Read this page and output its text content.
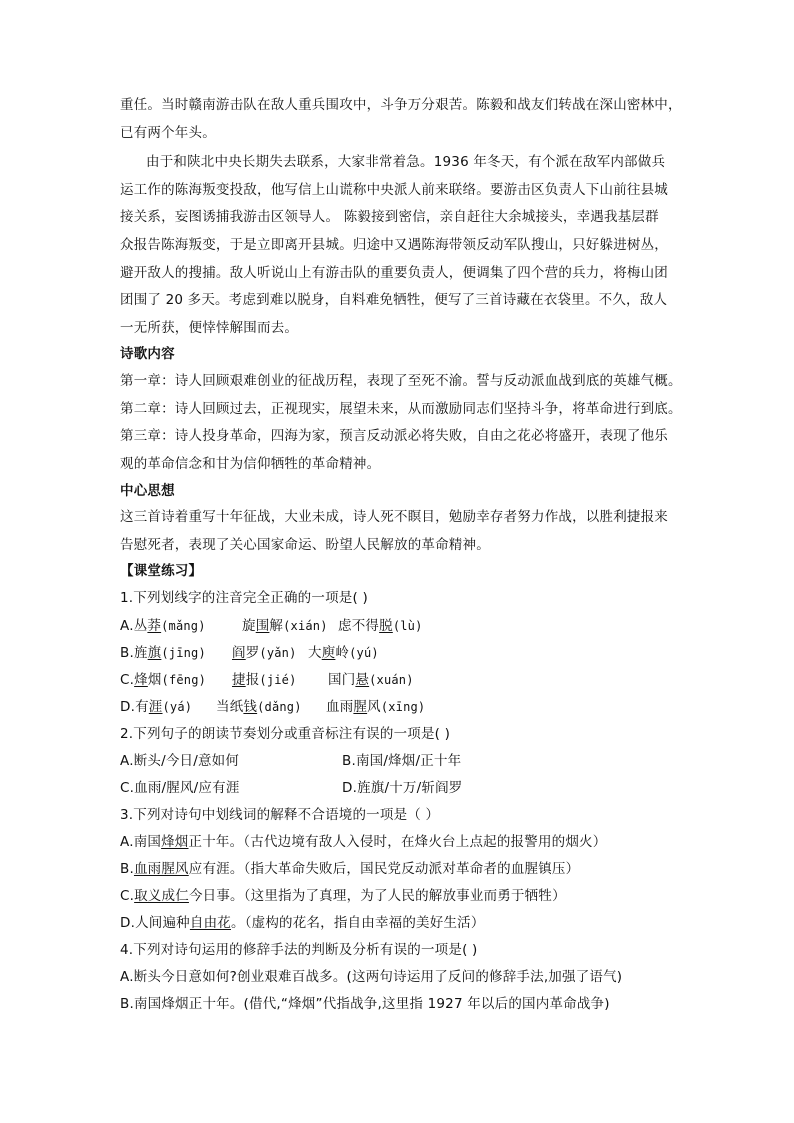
重任。当时赣南游击队在敌人重兵围攻中，斗争万分艰苦。陈毅和战友们转战在深山密林中，
已有两个年头。
由于和陕北中央长期失去联系，大家非常着急。1936 年冬天，有个派在敌军内部做兵
运工作的陈海叛变投敌，他写信上山谎称中央派人前来联络。要游击区负责人下山前往县城
接关系，妄图诱捕我游击区领导人。 陈毅接到密信，亲自赶往大余城接头，幸遇我基层群
众报告陈海叛变，于是立即离开县城。归途中又遇陈海带领反动军队搜山，只好躲进树丛，
避开敌人的搜捕。敌人听说山上有游击队的重要负责人，便调集了四个营的兵力，将梅山团
团围了 20 多天。考虑到难以脱身，自料难免牺牲，便写了三首诗藏在衣袋里。不久，敌人
一无所获，便悻悻解围而去。
诗歌内容
第一章：诗人回顾艰难创业的征战历程，表现了至死不渝。誓与反动派血战到底的英雄气概。
第二章：诗人回顾过去，正视现实，展望未来，从而激励同志们坚持斗争，将革命进行到底。
第三章：诗人投身革命，四海为家，预言反动派必将失败，自由之花必将盛开，表现了他乐
观的革命信念和甘为信仰牺牲的革命精神。
中心思想
这三首诗着重写十年征战，大业未成，诗人死不瞑目，勉励幸存者努力作战，以胜利捷报来
告慰死者，表现了关心国家命运、盼望人民解放的革命精神。
【课堂练习】
1.下列划线字的注音完全正确的一项是( )
A.丛莽(mǎng)	旋围解(xián) 虑不得脱(lù)
B.旌旗(jīng) 阎罗(yǎn) 大庾岭(yú)
C.烽烟(fēng) 捷报(jié) 国门悬(xuán)
D.有涯(yá) 当纸钱(dǎng) 血雨腥风(xīng)
2.下列句子的朗读节奏划分或重音标注有误的一项是( )
A.断头/今日/意如何	B.南国/烽烟/正十年
C.血雨/腥风/应有涯	D.旌旗/十万/斩阎罗
3.下列对诗句中划线词的解释不合语境的一项是（ ）
A.南国烽烟正十年。（古代边境有敌人入侵时，在烽火台上点起的报警用的烟火）
B.血雨腥风应有涯。（指大革命失败后，国民党反动派对革命者的血腥镇压）
C.取义成仁今日事。（这里指为了真理，为了人民的解放事业而勇于牺牲）
D.人间遍种自由花。（虚构的花名，指自由幸福的美好生活）
4.下列对诗句运用的修辞手法的判断及分析有误的一项是( )
A.断头今日意如何?创业艰难百战多。(这两句诗运用了反问的修辞手法,加强了语气)
B.南国烽烟正十年。(借代,“烽烟”代指战争,这里指 1927 年以后的国内革命战争)
